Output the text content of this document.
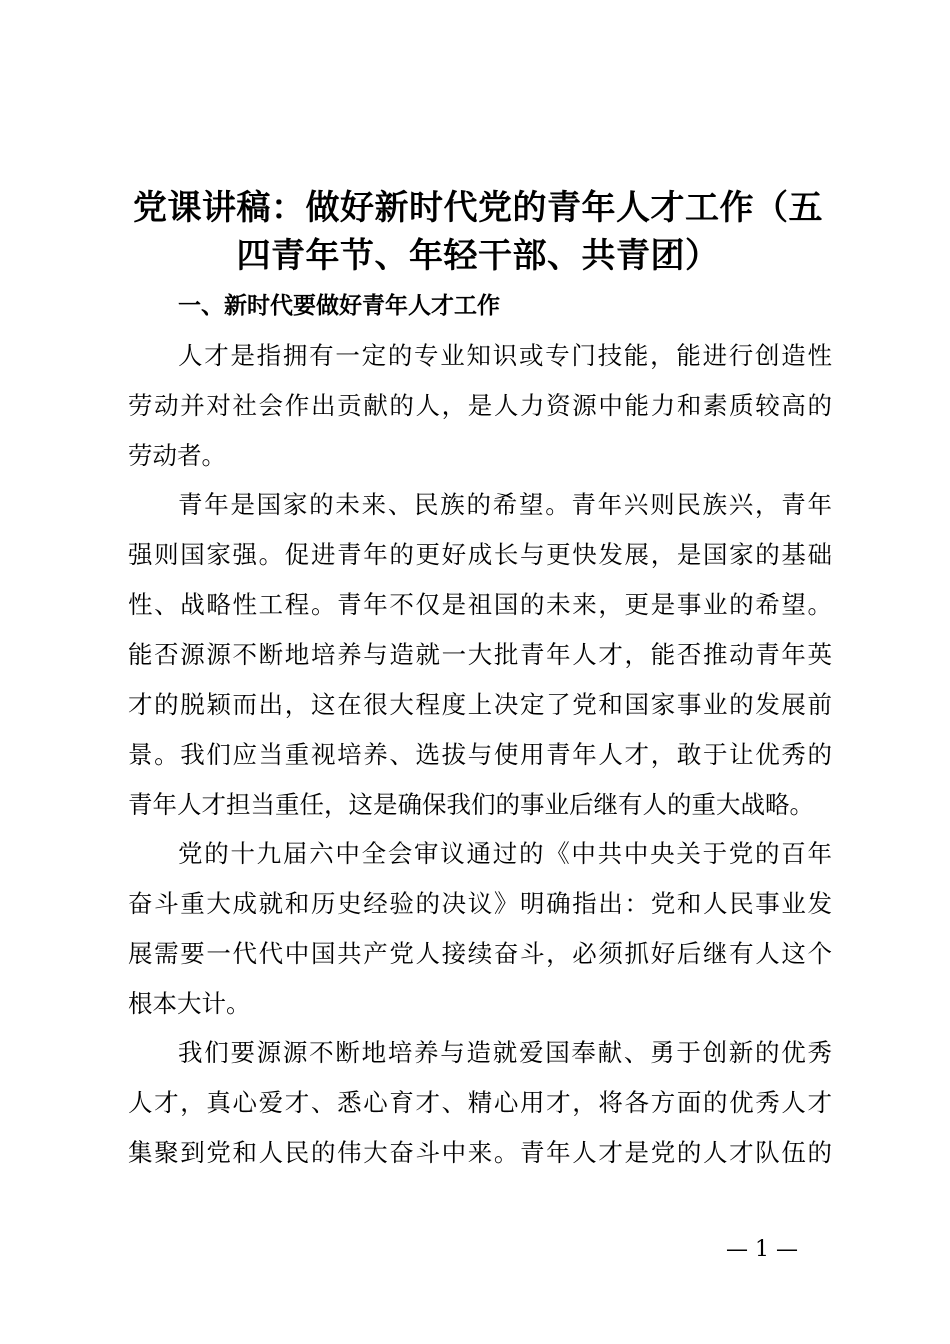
党课讲稿：做好新时代党的青年人才工作（五
四青年节、年轻干部、共青团）
一、新时代要做好青年人才工作
人才是指拥有一定的专业知识或专门技能，能进行创造性
劳动并对社会作出贡献的人，是人力资源中能力和素质较高的
劳动者。
青年是国家的未来、民族的希望。青年兴则民族兴，青年
强则国家强。促进青年的更好成长与更快发展，是国家的基础
性、战略性工程。青年不仅是祖国的未来，更是事业的希望。
能否源源不断地培养与造就一大批青年人才，能否推动青年英
才的脱颖而出，这在很大程度上决定了党和国家事业的发展前
景。我们应当重视培养、选拔与使用青年人才，敢于让优秀的
青年人才担当重任，这是确保我们的事业后继有人的重大战略。
党的十九届六中全会审议通过的《中共中央关于党的百年
奋斗重大成就和历史经验的决议》明确指出：党和人民事业发
展需要一代代中国共产党人接续奋斗，必须抓好后继有人这个
根本大计。
我们要源源不断地培养与造就爱国奉献、勇于创新的优秀
人才，真心爱才、悉心育才、精心用才，将各方面的优秀人才
集聚到党和人民的伟大奋斗中来。青年人才是党的人才队伍的
— 1 —
